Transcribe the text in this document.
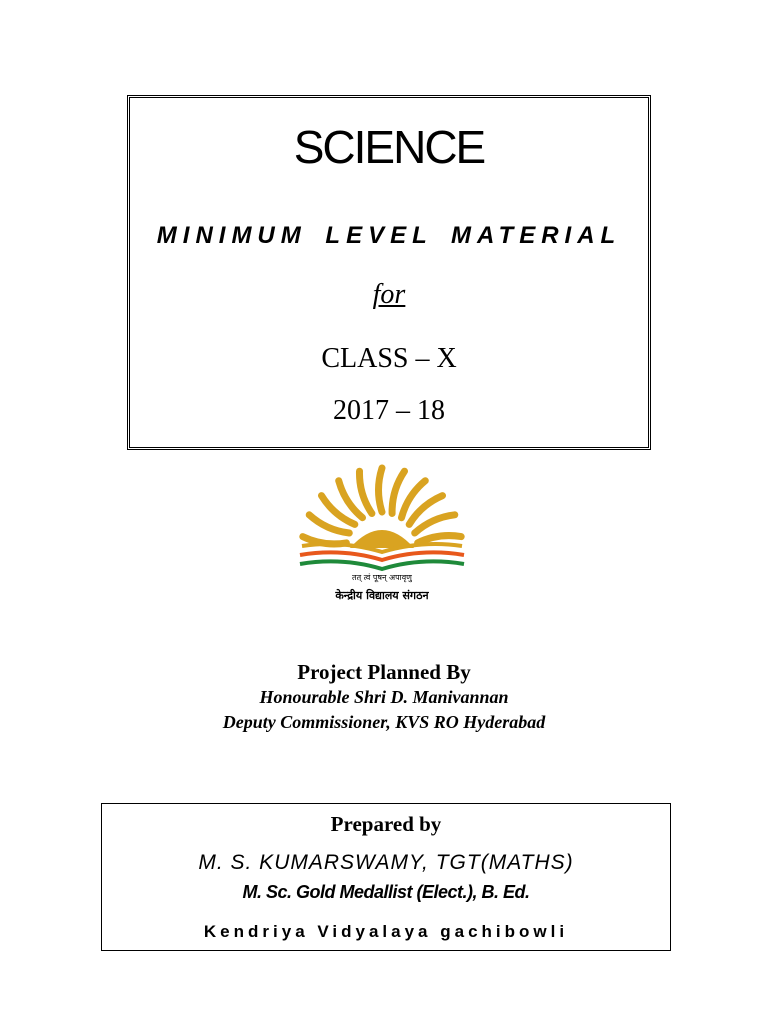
SCIENCE
MINIMUM LEVEL MATERIAL
for
CLASS – X
2017 – 18
तत् त्वं पूषन् अपावृणु
केन्द्रीय विद्यालय संगठन
Project Planned By
Honourable Shri D. Manivannan
Deputy Commissioner, KVS RO Hyderabad
Prepared by
M. S. KUMARSWAMY, TGT(MATHS)
M. Sc. Gold Medallist (Elect.), B. Ed.
Kendriya Vidyalaya gachibowli
